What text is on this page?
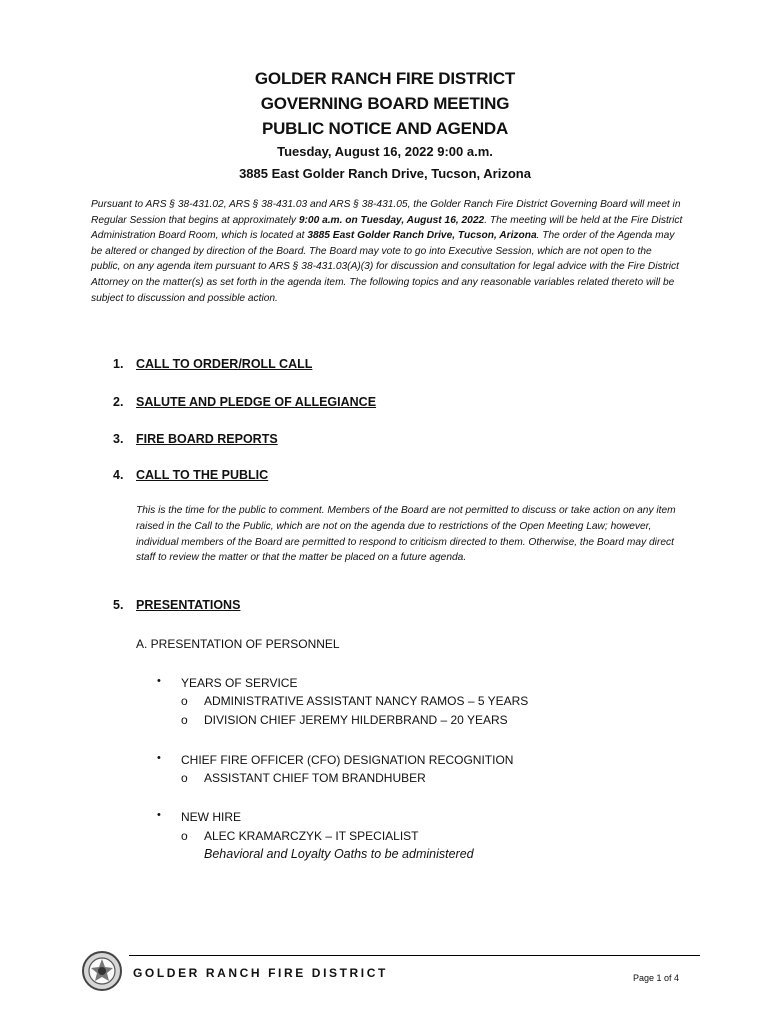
GOLDER RANCH FIRE DISTRICT
GOVERNING BOARD MEETING
PUBLIC NOTICE AND AGENDA
Tuesday, August 16, 2022 9:00 a.m.
3885 East Golder Ranch Drive, Tucson, Arizona

Pursuant to ARS § 38-431.02, ARS § 38-431.03 and ARS § 38-431.05, the Golder Ranch Fire District Governing Board will meet in Regular Session that begins at approximately 9:00 a.m. on Tuesday, August 16, 2022. The meeting will be held at the Fire District Administration Board Room, which is located at 3885 East Golder Ranch Drive, Tucson, Arizona. The order of the Agenda may be altered or changed by direction of the Board. The Board may vote to go into Executive Session, which are not open to the public, on any agenda item pursuant to ARS § 38-431.03(A)(3) for discussion and consultation for legal advice with the Fire District Attorney on the matter(s) as set forth in the agenda item. The following topics and any reasonable variables related thereto will be subject to discussion and possible action.

1. CALL TO ORDER/ROLL CALL
2. SALUTE AND PLEDGE OF ALLEGIANCE
3. FIRE BOARD REPORTS
4. CALL TO THE PUBLIC

This is the time for the public to comment. Members of the Board are not permitted to discuss or take action on any item raised in the Call to the Public, which are not on the agenda due to restrictions of the Open Meeting Law; however, individual members of the Board are permitted to respond to criticism directed to them. Otherwise, the Board may direct staff to review the matter or that the matter be placed on a future agenda.

5. PRESENTATIONS
A. PRESENTATION OF PERSONNEL
• YEARS OF SERVICE
o ADMINISTRATIVE ASSISTANT NANCY RAMOS – 5 YEARS
o DIVISION CHIEF JEREMY HILDERBRAND – 20 YEARS
• CHIEF FIRE OFFICER (CFO) DESIGNATION RECOGNITION
o ASSISTANT CHIEF TOM BRANDHUBER
• NEW HIRE
o ALEC KRAMARCZYK – IT SPECIALIST
Behavioral and Loyalty Oaths to be administered
GOLDER RANCH FIRE DISTRICT	Page 1 of 4
